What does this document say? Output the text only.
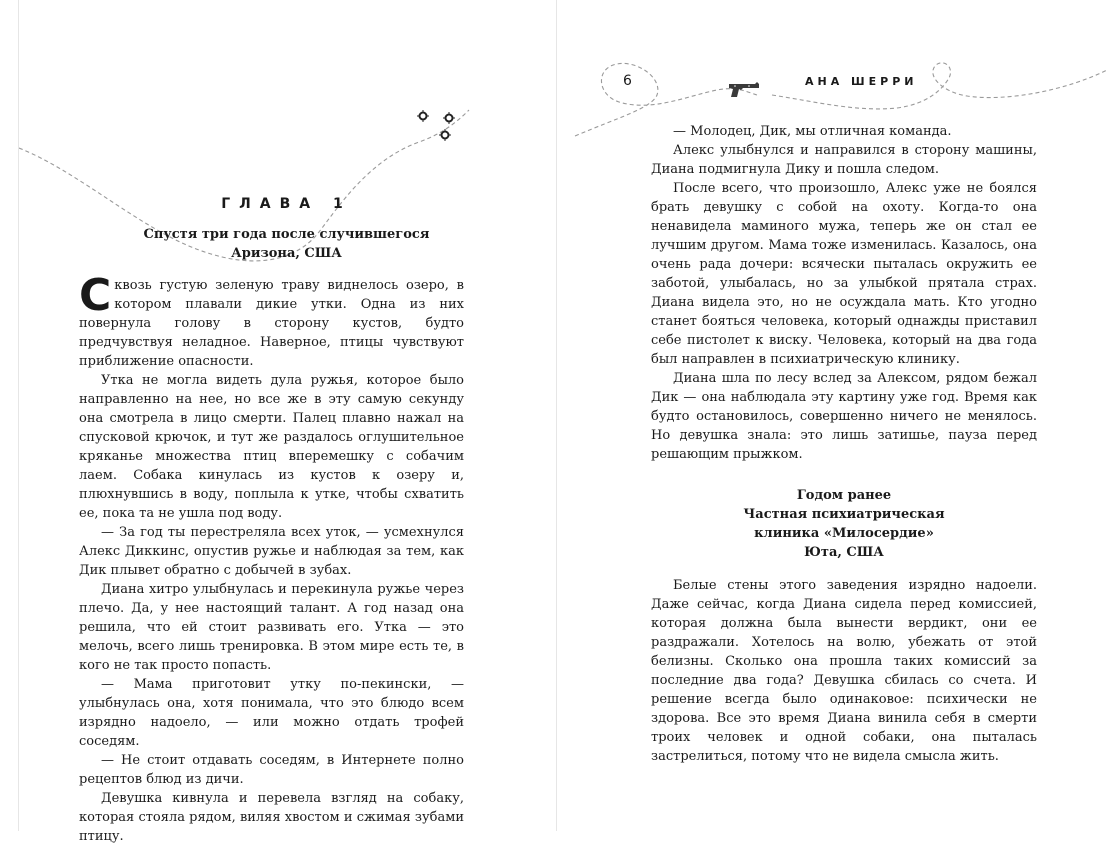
ГЛАВА 1
Спустя три года после случившегося
Аризона, США

Сквозь густую зеленую траву виднелось озеро, в котором плавали дикие утки. Одна из них повернула голову в сторону кустов, будто предчувствуя неладное. Наверное, птицы чувствуют приближение опасности.

Утка не могла видеть дула ружья, которое было направленно на нее, но все же в эту самую секунду она смотрела в лицо смерти. Палец плавно нажал на спусковой крючок, и тут же раздалось оглушительное кряканье множества птиц вперемешку с собачим лаем. Собака кинулась из кустов к озеру и, плюхнувшись в воду, поплыла к утке, чтобы схватить ее, пока та не ушла под воду.

— За год ты перестреляла всех уток, — усмехнулся Алекс Диккинс, опустив ружье и наблюдая за тем, как Дик плывет обратно с добычей в зубах.

Диана хитро улыбнулась и перекинула ружье через плечо. Да, у нее настоящий талант. А год назад она решила, что ей стоит развивать его. Утка — это мелочь, всего лишь тренировка. В этом мире есть те, в кого не так просто попасть.

— Мама приготовит утку по-пекински, — улыбнулась она, хотя понимала, что это блюдо всем изрядно надоело, — или можно отдать трофей соседям.

— Не стоит отдавать соседям, в Интернете полно рецептов блюд из дичи.

Девушка кивнула и перевела взгляд на собаку, которая стояла рядом, виляя хвостом и сжимая зубами птицу.

6	АНА ШЕРРИ

— Молодец, Дик, мы отличная команда.

Алекс улыбнулся и направился в сторону машины, Диана подмигнула Дику и пошла следом.

После всего, что произошло, Алекс уже не боялся брать девушку с собой на охоту. Когда-то она ненавидела маминого мужа, теперь же он стал ее лучшим другом. Мама тоже изменилась. Казалось, она очень рада дочери: всячески пыталась окружить ее заботой, улыбалась, но за улыбкой прятала страх. Диана видела это, но не осуждала мать. Кто угодно станет бояться человека, который однажды приставил себе пистолет к виску. Человека, который на два года был направлен в психиатрическую клинику.

Диана шла по лесу вслед за Алексом, рядом бежал Дик — она наблюдала эту картину уже год. Время как будто остановилось, совершенно ничего не менялось. Но девушка знала: это лишь затишье, пауза перед решающим прыжком.

Годом ранее
Частная психиатрическая
клиника «Милосердие»
Юта, США

Белые стены этого заведения изрядно надоели. Даже сейчас, когда Диана сидела перед комиссией, которая должна была вынести вердикт, они ее раздражали. Хотелось на волю, убежать от этой белизны. Сколько она прошла таких комиссий за последние два года? Девушка сбилась со счета. И решение всегда было одинаковое: психически не здорова. Все это время Диана винила себя в смерти троих человек и одной собаки, она пыталась застрелиться, потому что не видела смысла жить.
